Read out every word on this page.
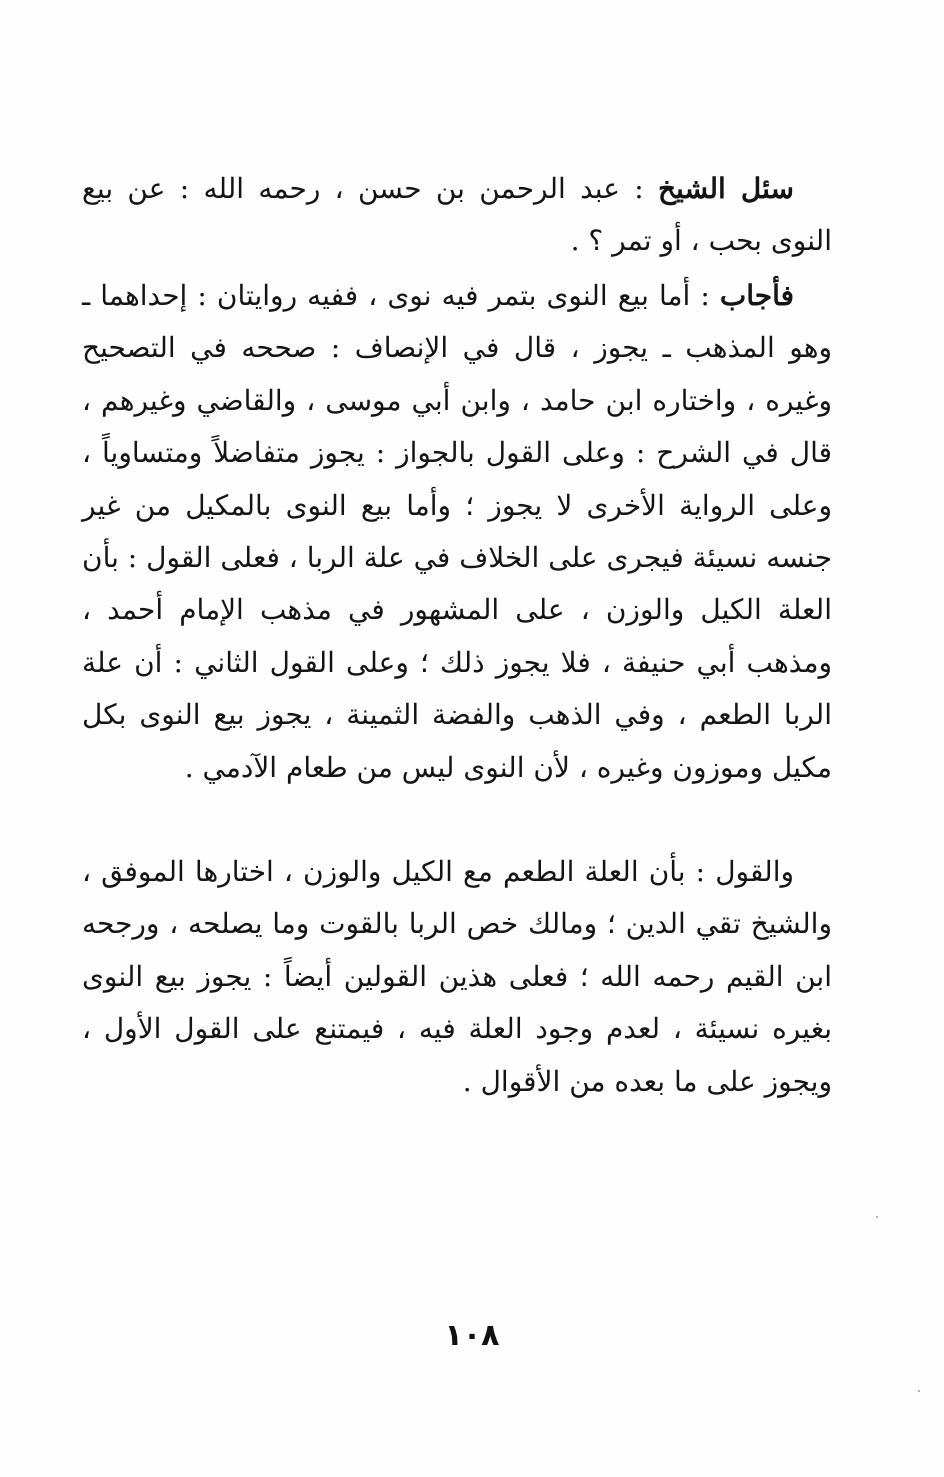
سئل الشيخ : عبد الرحمن بن حسن ، رحمه الله : عن بيع النوى بحب ، أو تمر ؟ .

فأجاب : أما بيع النوى بتمر فيه نوى ، ففيه روايتان : إحداهما ـ وهو المذهب ـ يجوز ، قال في الإنصاف : صححه في التصحيح وغيره ، واختاره ابن حامد ، وابن أبي موسى ، والقاضي وغيرهم ، قال في الشرح : وعلى القول بالجواز : يجوز متفاضلاً ومتساوياً ، وعلى الرواية الأخرى لا يجوز ؛ وأما بيع النوى بالمكيل من غير جنسه نسيئة فيجرى على الخلاف في علة الربا ، فعلى القول : بأن العلة الكيل والوزن ، على المشهور في مذهب الإمام أحمد ، ومذهب أبي حنيفة ، فلا يجوز ذلك ؛ وعلى القول الثاني : أن علة الربا الطعم ، وفي الذهب والفضة الثمينة ، يجوز بيع النوى بكل مكيل وموزون وغيره ، لأن النوى ليس من طعام الآدمي .

والقول : بأن العلة الطعم مع الكيل والوزن ، اختارها الموفق ، والشيخ تقي الدين ؛ ومالك خص الربا بالقوت وما يصلحه ، ورجحه ابن القيم رحمه الله ؛ فعلى هذين القولين أيضاً : يجوز بيع النوى بغيره نسيئة ، لعدم وجود العلة فيه ، فيمتنع على القول الأول ، ويجوز على ما بعده من الأقوال .

١٠٨
